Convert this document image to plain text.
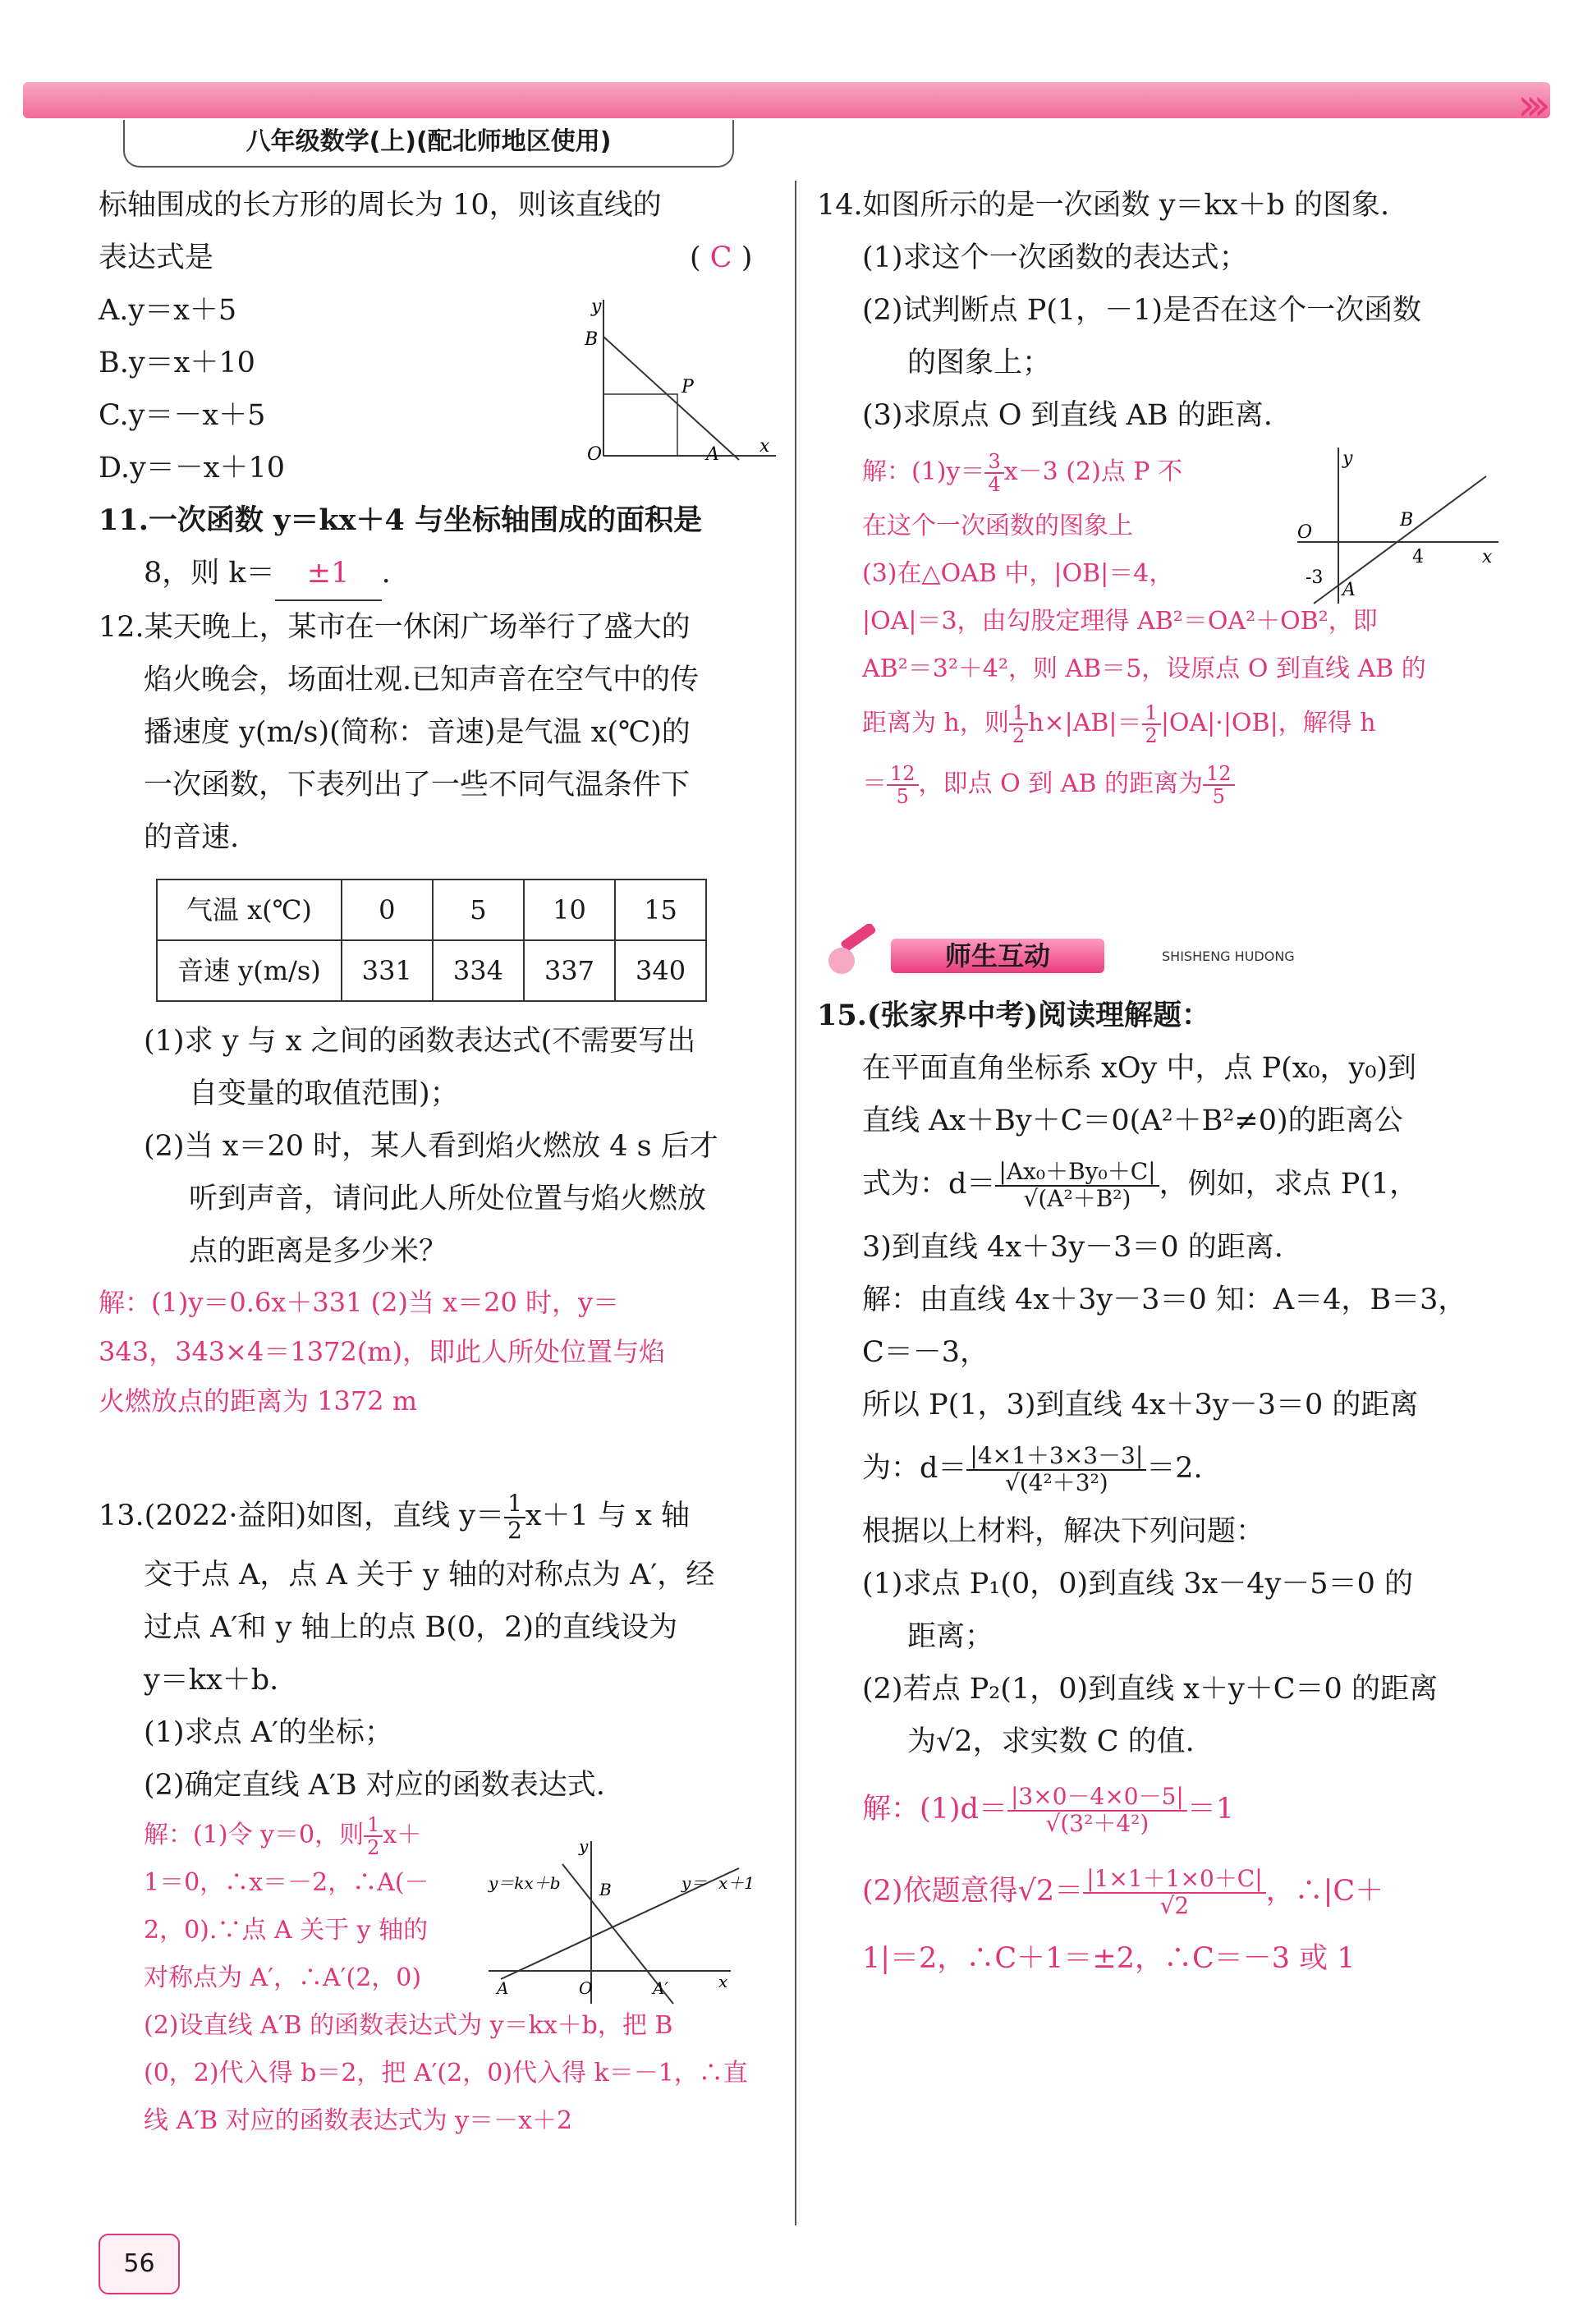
›››
八年级数学(上)(配北师地区使用)
标轴围成的长方形的周长为 10，则该直线的
表达式是	( C )
A.y＝x＋5
B.y＝x＋10
C.y＝－x＋5
D.y＝－x＋10
11.一次函数 y＝kx＋4 与坐标轴围成的面积是
8，则 k＝ ±1 .
12.某天晚上，某市在一休闲广场举行了盛大的
焰火晚会，场面壮观.已知声音在空气中的传
播速度 y(m/s)(简称：音速)是气温 x(℃)的
一次函数，下表列出了一些不同气温条件下
的音速.
气温 x(℃)	0	5	10	15
音速 y(m/s)	331	334	337	340
(1)求 y 与 x 之间的函数表达式(不需要写出
自变量的取值范围)；
(2)当 x＝20 时，某人看到焰火燃放 4 s 后才
听到声音，请问此人所处位置与焰火燃放
点的距离是多少米？
解：(1)y＝0.6x＋331 (2)当 x＝20 时，y＝
343，343×4＝1372(m)，即此人所处位置与焰
火燃放点的距离为 1372 m
13.(2022·益阳)如图，直线 $y= \frac{1}{2} x+1$ 与 x 轴
交于点 A，点 A 关于 y 轴的对称点为 A′，经
过点 A′和 y 轴上的点 B(0，2)的直线设为
y＝kx＋b.
(1)求点 A′的坐标；
(2)确定直线 A′B 对应的函数表达式.
解：(1)令 y＝0，则 $\frac{1}{2} x+$
1＝0，∴x＝－2，∴A(－
2，0).∵点 A 关于 y 轴的
对称点为 A′，∴A′(2，0)
(2)设直线 A′B 的函数表达式为 y＝kx＋b，把 B
(0，2)代入得 b＝2，把 A′(2，0)代入得 k＝－1，∴直
线 A′B 对应的函数表达式为 y＝－x＋2
y
B
P
O	A x
y＝kx＋b
y
B	y＝ x＋1
A	O	A′	x
14.如图所示的是一次函数 y＝kx＋b 的图象.
(1)求这个一次函数的表达式；
(2)试判断点 P(1，－1)是否在这个一次函数
的图象上；
(3)求原点 O 到直线 AB 的距离.
解：$(1)y= \frac{3}{4} x-3$ (2)点 P 不
在这个一次函数的图象上
(3)在△OAB 中，|OB|＝4，
|OA|＝3，由勾股定理得 AB²＝OA²＋OB²，即
AB²＝3²＋4²，则 AB＝5，设原点 O 到直线 AB 的
距离为 h，则 $\frac{1}{2} h\times|AB|= \frac{1}{2} |OA|\cdot|OB|$，解得 h
＝ $\frac{12}{5}$ ，即点 O 到 AB 的距离为 $\frac{12}{5}$
y
O
B
4	x
-3
A
师生互动	SHISHENG HUDONG
15.(张家界中考)阅读理解题：
在平面直角坐标系 xOy 中，点 P(x₀，y₀)到
直线 Ax＋By＋C＝0(A²＋B²≠0)的距离公
式为：$d= \frac{\text{|Ax₀＋By₀＋C|}}{\text{√(A²＋B²)}}$ ，例如，求点 P(1，
3)到直线 4x＋3y－3＝0 的距离.
解：由直线 4x＋3y－3＝0 知：A＝4，B＝3，
C＝－3，
所以 P(1，3)到直线 4x＋3y－3＝0 的距离
为：$d= \frac{|4\times 1+3\times 3-3|}{\text{√(4²＋3²)}} =2$.
根据以上材料，解决下列问题：
(1)求点 P₁(0，0)到直线 3x－4y－5＝0 的
距离；
(2)若点 P₂(1，0)到直线 x＋y＋C＝0 的距离
为√2，求实数 C 的值.
解：$(1)d= \frac{|3\times 0-4\times 0-5|}{\text{√(3²＋4²)}} =1$
(2)依题意得$√2= \frac{|1\times 1+1\times 0+C|}{√2}$ ，∴|C＋
1|＝2，∴C＋1＝±2，∴C＝－3 或 1
56
